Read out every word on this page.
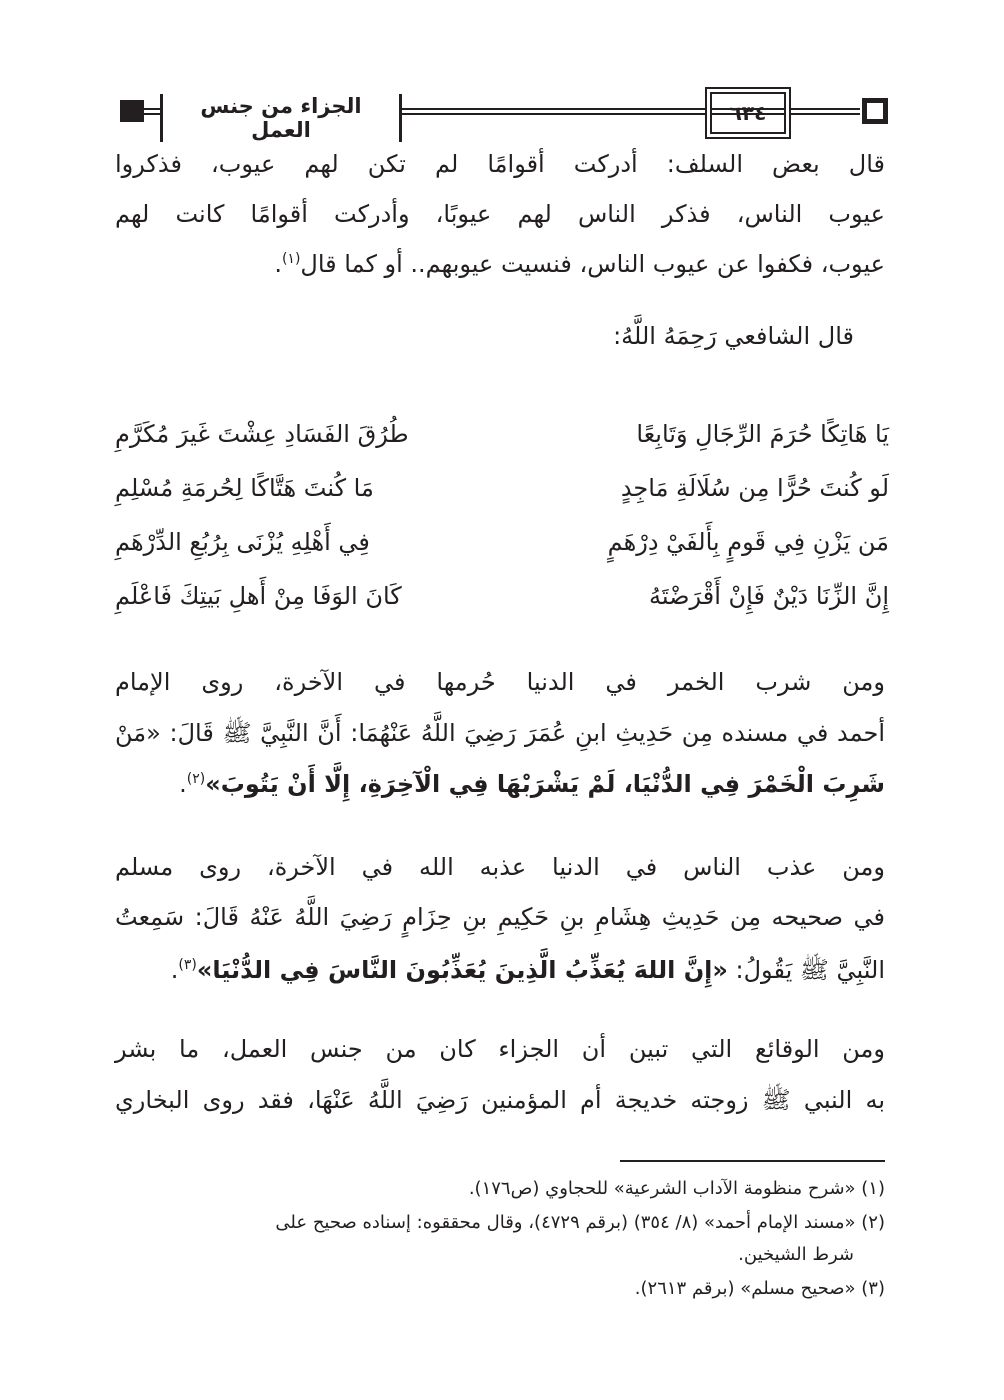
الجزاء من جنس العمل
٦٣٤
قال بعض السلف: أدركت أقوامًا لم تكن لهم عيوب، فذكروا
عيوب الناس، فذكر الناس لهم عيوبًا، وأدركت أقوامًا كانت لهم
عيوب، فكفوا عن عيوب الناس، فنسيت عيوبهم.. أو كما قال$^{(١)}$.
قال الشافعي رَحِمَهُ اللَّهُ:
يَا هَاتِكًا حُرَمَ الرِّجَالِ وَتَابِعًا
طُرُقَ الفَسَادِ عِشْتَ غَيرَ مُكَرَّمِ
لَو كُنتَ حُرًّا مِن سُلَالَةِ مَاجِدٍ
مَا كُنتَ هَتَّاكًا لِحُرمَةِ مُسْلِمِ
مَن يَزْنِ فِي قَومٍ بِأَلفَيْ دِرْهَمٍ
فِي أَهْلِهِ يُزْنَى بِرُبُعِ الدِّرْهَمِ
إِنَّ الزِّنَا دَيْنٌ فَإِنْ أَقْرَضْتَهُ
كَانَ الوَفَا مِنْ أَهلِ بَيتِكَ فَاعْلَمِ
ومن شرب الخمر في الدنيا حُرمها في الآخرة، روى الإمام
أحمد في مسنده مِن حَدِيثِ ابنِ عُمَرَ رَضِيَ اللَّهُ عَنْهُمَا: أَنَّ النَّبِيَّ ﷺ قَالَ: «مَنْ
شَرِبَ الْخَمْرَ فِي الدُّنْيَا، لَمْ يَشْرَبْهَا فِي الْآخِرَةِ، إِلَّا أَنْ يَتُوبَ»$^{(٢)}$.
ومن عذب الناس في الدنيا عذبه الله في الآخرة، روى مسلم
في صحيحه مِن حَدِيثِ هِشَامِ بنِ حَكِيمِ بنِ حِزَامٍ رَضِيَ اللَّهُ عَنْهُ قَالَ: سَمِعتُ
النَّبِيَّ ﷺ يَقُولُ: «إِنَّ اللهَ يُعَذِّبُ الَّذِينَ يُعَذِّبُونَ النَّاسَ فِي الدُّنْيَا»$^{(٣)}$.
ومن الوقائع التي تبين أن الجزاء كان من جنس العمل، ما بشر
به النبي ﷺ زوجته خديجة أم المؤمنين رَضِيَ اللَّهُ عَنْهَا، فقد روى البخاري
(١) «شرح منظومة الآداب الشرعية» للحجاوي (ص١٧٦).
(٢) «مسند الإمام أحمد» (٨/ ٣٥٤) (برقم ٤٧٢٩)، وقال محققوه: إسناده صحيح على
شرط الشيخين.
(٣) «صحيح مسلم» (برقم ٢٦١٣).
